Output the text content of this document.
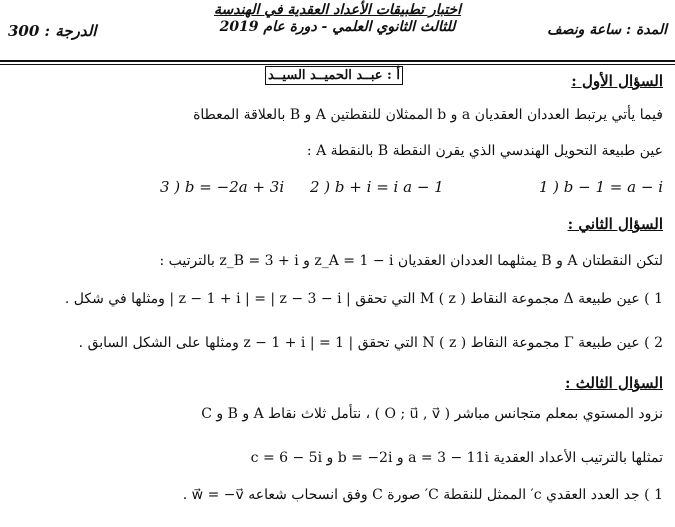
الدرجة : 300
اختبار تطبيقات الأعداد العقدية في الهندسة
للثالث الثانوي العلمي - دورة عام 2019	المدة : ساعة ونصف
أ : عبــد الحميــد السيــد	السؤال الأول :
فيما يأتي يرتبط العددان العقديان a و b الممثلان للنقطتين A و B بالعلاقة المعطاة
عين طبيعة التحويل الهندسي الذي يقرن النقطة B بالنقطة A :
1 ) b − 1 = a − i
2 ) b + i = i a − 1
3 ) b = −2a + 3i
السؤال الثاني :
لتكن النقطتان A و B يمثلهما العددان العقديان z_A = 1 − i و z_B = 3 + i بالترتيب :
1 ) عين طبيعة Δ مجموعة النقاط M ( z ) التي تحقق | z − 1 + i | = | z − 3 − i | ومثلها في شكل .
2 ) عين طبيعة Γ مجموعة النقاط N ( z ) التي تحقق | z − 1 + i | = 1 ومثلها على الشكل السابق .
السؤال الثالث :
نزود المستوي بمعلم متجانس مباشر ( O ; u⃗ , v⃗ ) ، نتأمل ثلاث نقاط A و B و C
تمثلها بالترتيب الأعداد العقدية a = 3 − 11i و b = −2i و c = 6 − 5i
1 ) جد العدد العقدي c′ الممثل للنقطة C′ صورة C وفق انسحاب شعاعه w⃗ = −v⃗ .
